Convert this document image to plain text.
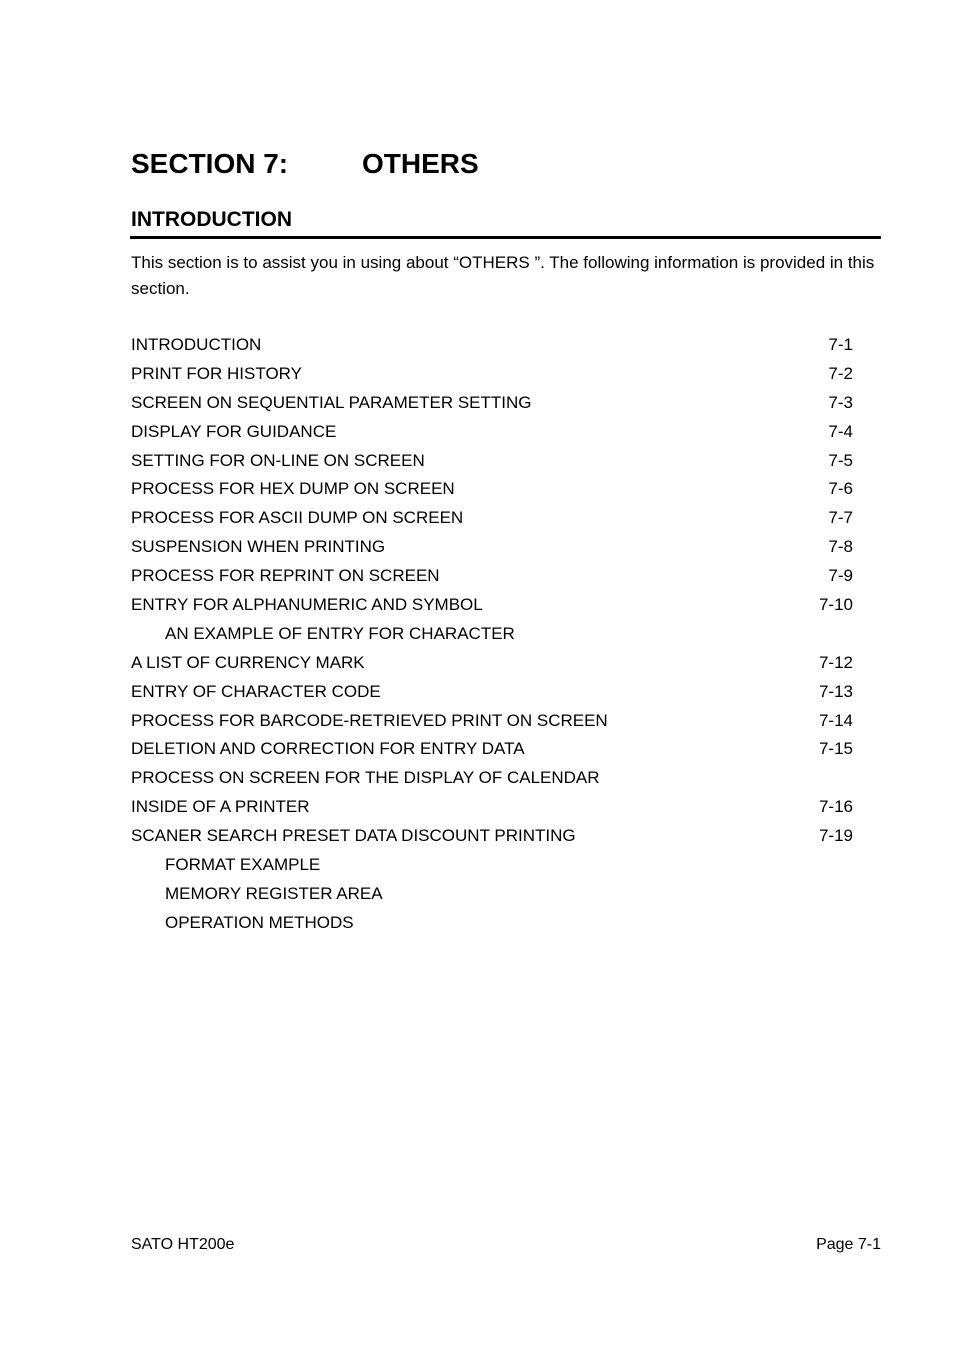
SECTION 7:	OTHERS
INTRODUCTION

This section is to assist you in using about “OTHERS ”. The following information is provided in this section.

INTRODUCTION	7-1
PRINT FOR HISTORY	7-2
SCREEN ON SEQUENTIAL PARAMETER SETTING	7-3
DISPLAY FOR GUIDANCE	7-4
SETTING FOR ON-LINE ON SCREEN	7-5
PROCESS FOR HEX DUMP ON SCREEN	7-6
PROCESS FOR ASCII DUMP ON SCREEN	7-7
SUSPENSION WHEN PRINTING	7-8
PROCESS FOR REPRINT ON SCREEN	7-9
ENTRY FOR ALPHANUMERIC AND SYMBOL	7-10
AN EXAMPLE OF ENTRY FOR CHARACTER
A LIST OF CURRENCY MARK	7-12
ENTRY OF CHARACTER CODE	7-13
PROCESS FOR BARCODE-RETRIEVED PRINT ON SCREEN	7-14
DELETION AND CORRECTION FOR ENTRY DATA	7-15
PROCESS ON SCREEN FOR THE DISPLAY OF CALENDAR
INSIDE OF A PRINTER	7-16
SCANER SEARCH PRESET DATA DISCOUNT PRINTING	7-19
FORMAT EXAMPLE
MEMORY REGISTER AREA
OPERATION METHODS
SATO HT200e	Page 7-1
